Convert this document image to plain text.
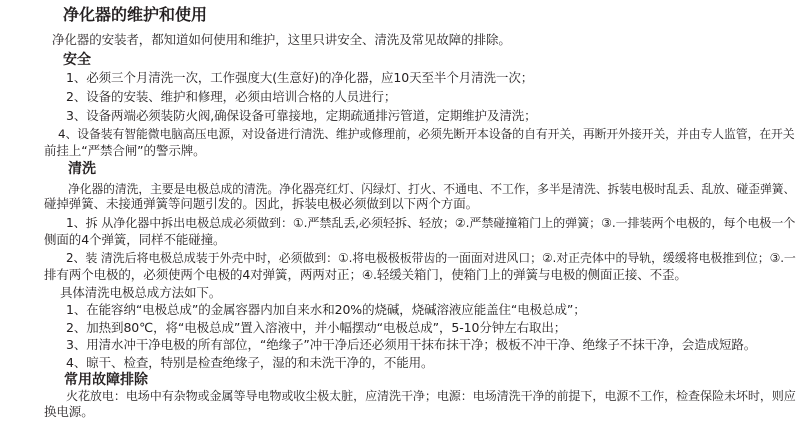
净化器的维护和使用
净化器的安装者，都知道如何使用和维护，这里只讲安全、清洗及常见故障的排除。
安全
1、必须三个月清洗一次，工作强度大(生意好)的净化器，应10天至半个月清洗一次；
2、设备的安装、维护和修理，必须由培训合格的人员进行；
3、设备两端必须装防火阀,确保设备可靠接地，定期疏通排污管道，定期维护及清洗；
4、设备装有智能微电脑高压电源，对设备进行清洗、维护或修理前，必须先断开本设备的自有开关，再断开外接开关，并由专人监管，在开关
前挂上“严禁合闸”的警示牌。
清洗
净化器的清洗，主要是电极总成的清洗。净化器亮红灯、闪绿灯、打火、不通电、不工作，多半是清洗、拆装电极时乱丢、乱放、碰歪弹簧、
碰掉弹簧、未接通弹簧等问题引发的。因此，拆装电极必须做到以下两个方面。
1、拆 从净化器中拆出电极总成必须做到：①.严禁乱丢,必须轻拆、轻放；②.严禁碰撞箱门上的弹簧；③.一排装两个电极的，每个电极一个
侧面的4个弹簧，同样不能碰撞。
2、装 清洗后将电极总成装于外壳中时，必须做到：①.将电极极板带齿的一面面对进风口；②.对正壳体中的导轨，缓缓将电极推到位；③.一
排有两个电极的，必须使两个电极的4对弹簧，两两对正；④.轻缓关箱门，使箱门上的弹簧与电极的侧面正接、不歪。
具体清洗电极总成方法如下。
1、在能容纳“电极总成”的金属容器内加自来水和20%的烧碱，烧碱溶液应能盖住“电极总成”；
2、加热到80℃，将“电极总成”置入溶液中，并小幅摆动“电极总成”，5-10分钟左右取出；
3、用清水冲干净电极的所有部位，“绝缘子”冲干净后还必须用干抹布抹干净；极板不冲干净、绝缘子不抹干净，会造成短路。
4、晾干、检查，特别是检查绝缘子，湿的和未洗干净的，不能用。
常用故障排除
火花放电：电场中有杂物或金属等导电物或收尘极太脏，应清洗干净；电源：电场清洗干净的前提下，电源不工作，检查保险未坏时，则应
换电源。
